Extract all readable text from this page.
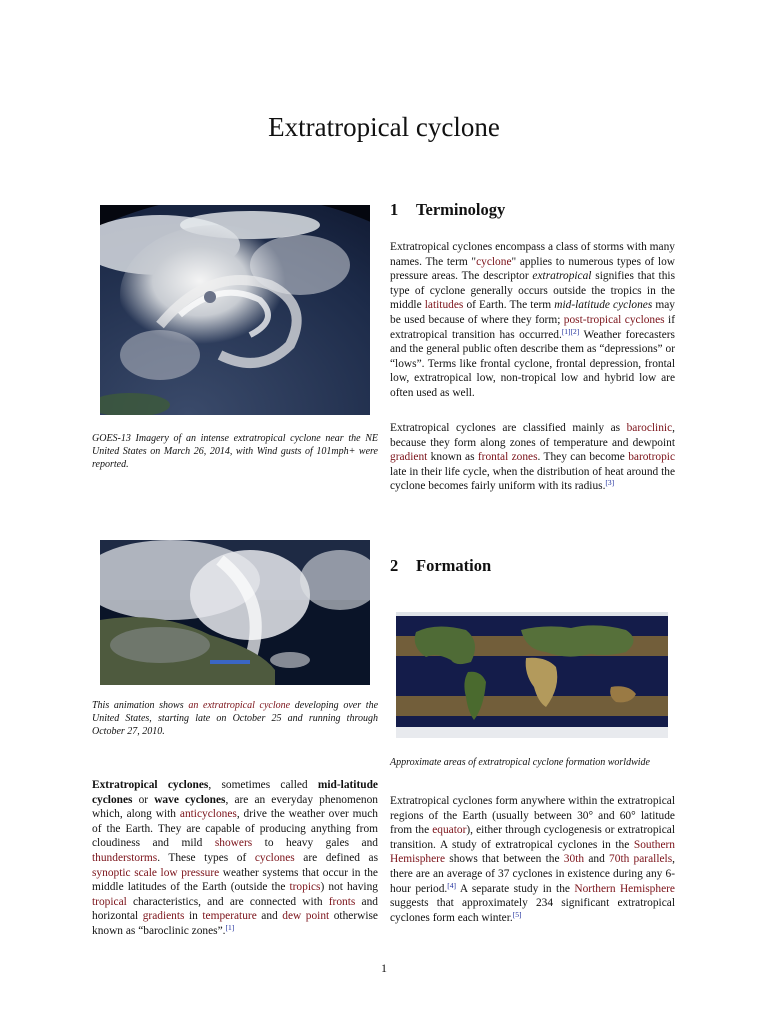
Extratropical cyclone

GOES-13 Imagery of an intense extratropical cyclone near the NE United States on March 26, 2014, with Wind gusts of 101mph+ were reported.

This animation shows an extratropical cyclone developing over the United States, starting late on October 25 and running through October 27, 2010.

Extratropical cyclones, sometimes called mid-latitude cyclones or wave cyclones, are an everyday phenomenon which, along with anticyclones, drive the weather over much of the Earth. They are capable of producing anything from cloudiness and mild showers to heavy gales and thunderstorms. These types of cyclones are defined as synoptic scale low pressure weather systems that occur in the middle latitudes of the Earth (outside the tropics) not having tropical characteristics, and are connected with fronts and horizontal gradients in temperature and dew point otherwise known as “baroclinic zones”.[1]

1 Terminology

Extratropical cyclones encompass a class of storms with many names. The term "cyclone" applies to numerous types of low pressure areas. The descriptor extratropical signifies that this type of cyclone generally occurs outside the tropics in the middle latitudes of Earth. The term mid-latitude cyclones may be used because of where they form; post-tropical cyclones if extratropical transition has occurred.[1][2] Weather forecasters and the general public often describe them as “depressions” or “lows”. Terms like frontal cyclone, frontal depression, frontal low, extratropical low, non-tropical low and hybrid low are often used as well.

Extratropical cyclones are classified mainly as baroclinic, because they form along zones of temperature and dewpoint gradient known as frontal zones. They can become barotropic late in their life cycle, when the distribution of heat around the cyclone becomes fairly uniform with its radius.[3]

2 Formation

Approximate areas of extratropical cyclone formation worldwide

Extratropical cyclones form anywhere within the extratropical regions of the Earth (usually between 30° and 60° latitude from the equator), either through cyclogenesis or extratropical transition. A study of extratropical cyclones in the Southern Hemisphere shows that between the 30th and 70th parallels, there are an average of 37 cyclones in existence during any 6-hour period.[4] A separate study in the Northern Hemisphere suggests that approximately 234 significant extratropical cyclones form each winter.[5]

1
